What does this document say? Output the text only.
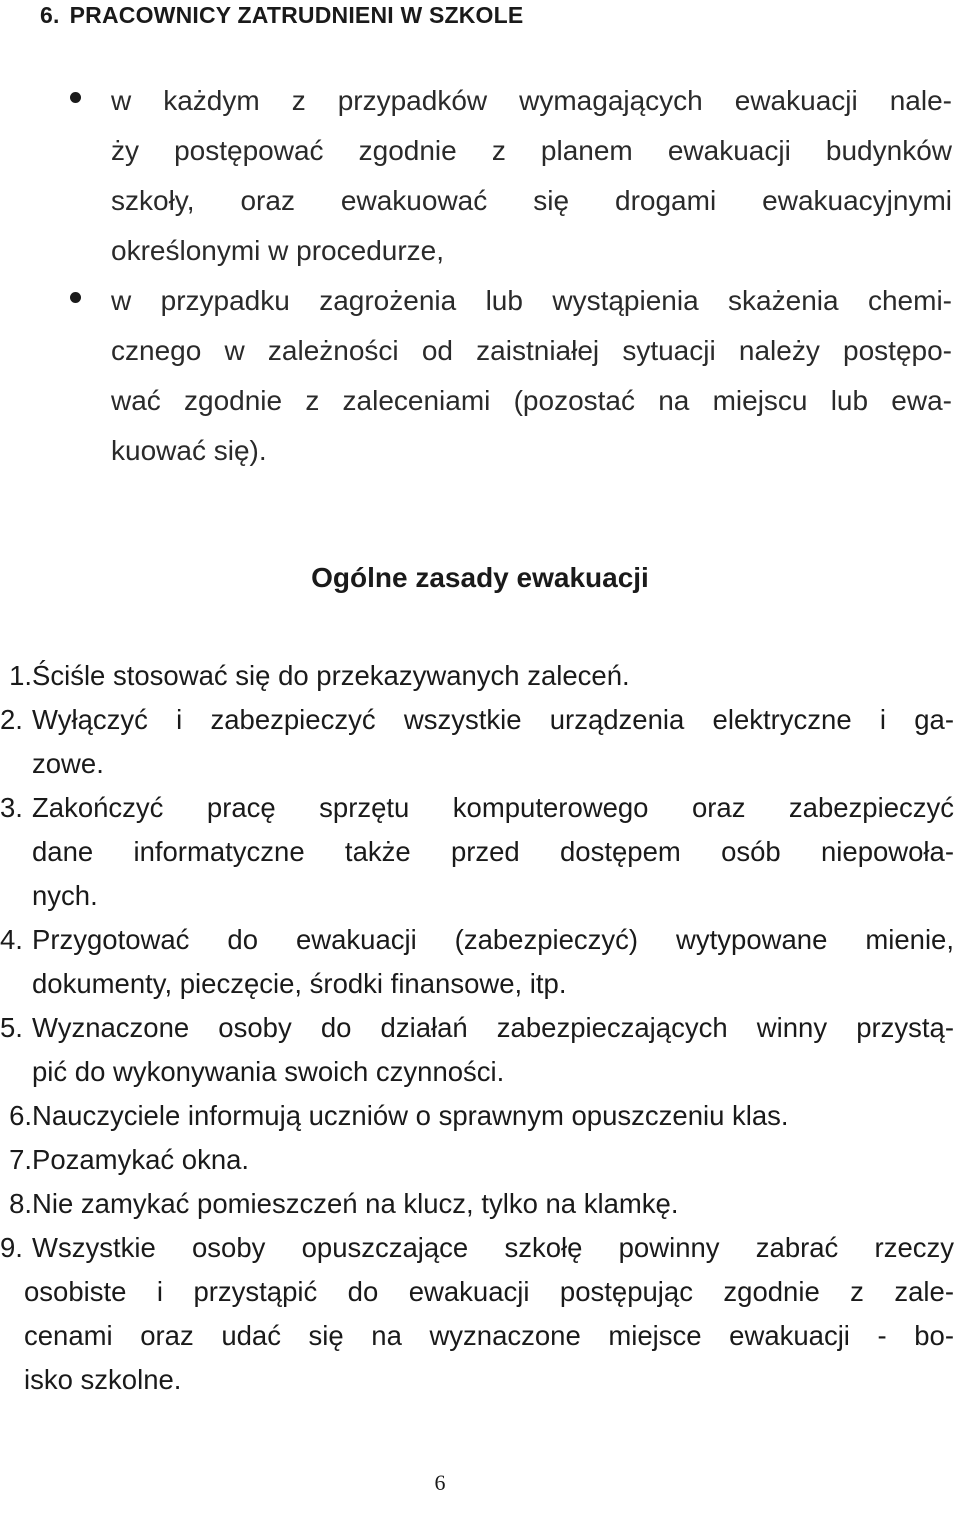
6. PRACOWNICY ZATRUDNIENI W SZKOLE
w każdym z przypadków wymagających ewakuacji nale-
ży postępować zgodnie z planem ewakuacji budynków
szkoły, oraz ewakuować się drogami ewakuacyjnymi
określonymi w procedurze,
w przypadku zagrożenia lub wystąpienia skażenia chemi-
cznego w zależności od zaistniałej sytuacji należy postępo-
wać zgodnie z zaleceniami (pozostać na miejscu lub ewa-
kuować się).
Ogólne zasady ewakuacji
1. Ściśle stosować się do przekazywanych zaleceń.
2. Wyłączyć i zabezpieczyć wszystkie urządzenia elektryczne i ga-
zowe.
3. Zakończyć pracę sprzętu komputerowego oraz zabezpieczyć
dane informatyczne także przed dostępem osób niepowoła-
nych.
4. Przygotować do ewakuacji (zabezpieczyć) wytypowane mienie,
dokumenty, pieczęcie, środki finansowe, itp.
5. Wyznaczone osoby do działań zabezpieczających winny przystą-
pić do wykonywania swoich czynności.
6. Nauczyciele informują uczniów o sprawnym opuszczeniu klas.
7. Pozamykać okna.
8. Nie zamykać pomieszczeń na klucz, tylko na klamkę.
9. Wszystkie osoby opuszczające szkołę powinny zabrać rzeczy
osobiste i przystąpić do ewakuacji postępując zgodnie z zale-
cenami oraz udać się na wyznaczone miejsce ewakuacji - bo-
isko szkolne.
6
